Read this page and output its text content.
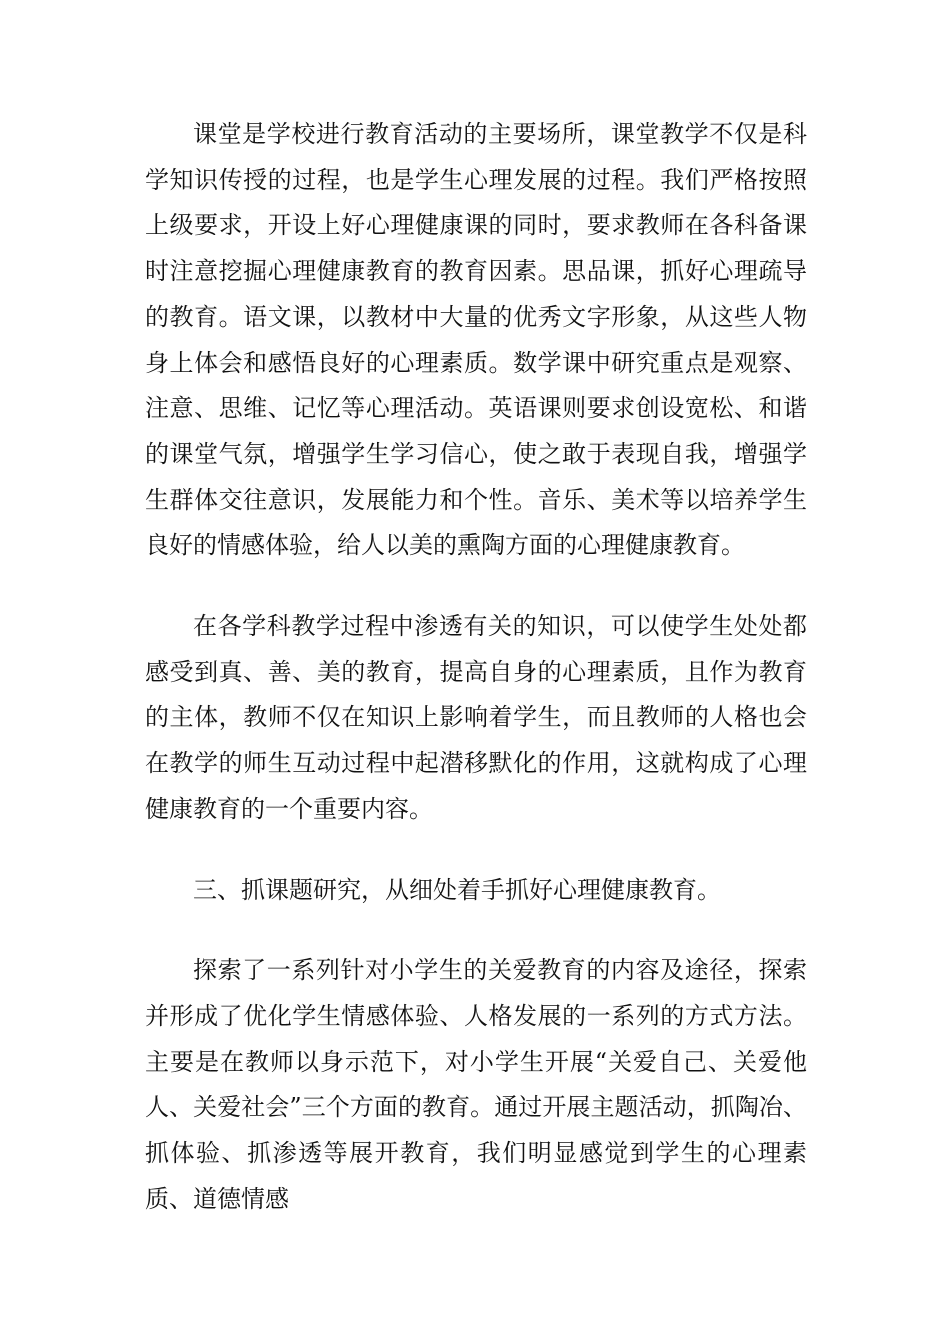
课堂是学校进行教育活动的主要场所，课堂教学不仅是科学知识传授的过程，也是学生心理发展的过程。我们严格按照上级要求，开设上好心理健康课的同时，要求教师在各科备课时注意挖掘心理健康教育的教育因素。思品课，抓好心理疏导的教育。语文课，以教材中大量的优秀文字形象，从这些人物身上体会和感悟良好的心理素质。数学课中研究重点是观察、注意、思维、记忆等心理活动。英语课则要求创设宽松、和谐的课堂气氛，增强学生学习信心，使之敢于表现自我，增强学生群体交往意识，发展能力和个性。音乐、美术等以培养学生良好的情感体验，给人以美的熏陶方面的心理健康教育。

在各学科教学过程中渗透有关的知识，可以使学生处处都感受到真、善、美的教育，提高自身的心理素质，且作为教育的主体，教师不仅在知识上影响着学生，而且教师的人格也会在教学的师生互动过程中起潜移默化的作用，这就构成了心理健康教育的一个重要内容。

三、抓课题研究，从细处着手抓好心理健康教育。

探索了一系列针对小学生的关爱教育的内容及途径，探索并形成了优化学生情感体验、人格发展的一系列的方式方法。主要是在教师以身示范下，对小学生开展“关爱自己、关爱他人、关爱社会”三个方面的教育。通过开展主题活动，抓陶冶、抓体验、抓渗透等展开教育，我们明显感觉到学生的心理素质、道德情感
